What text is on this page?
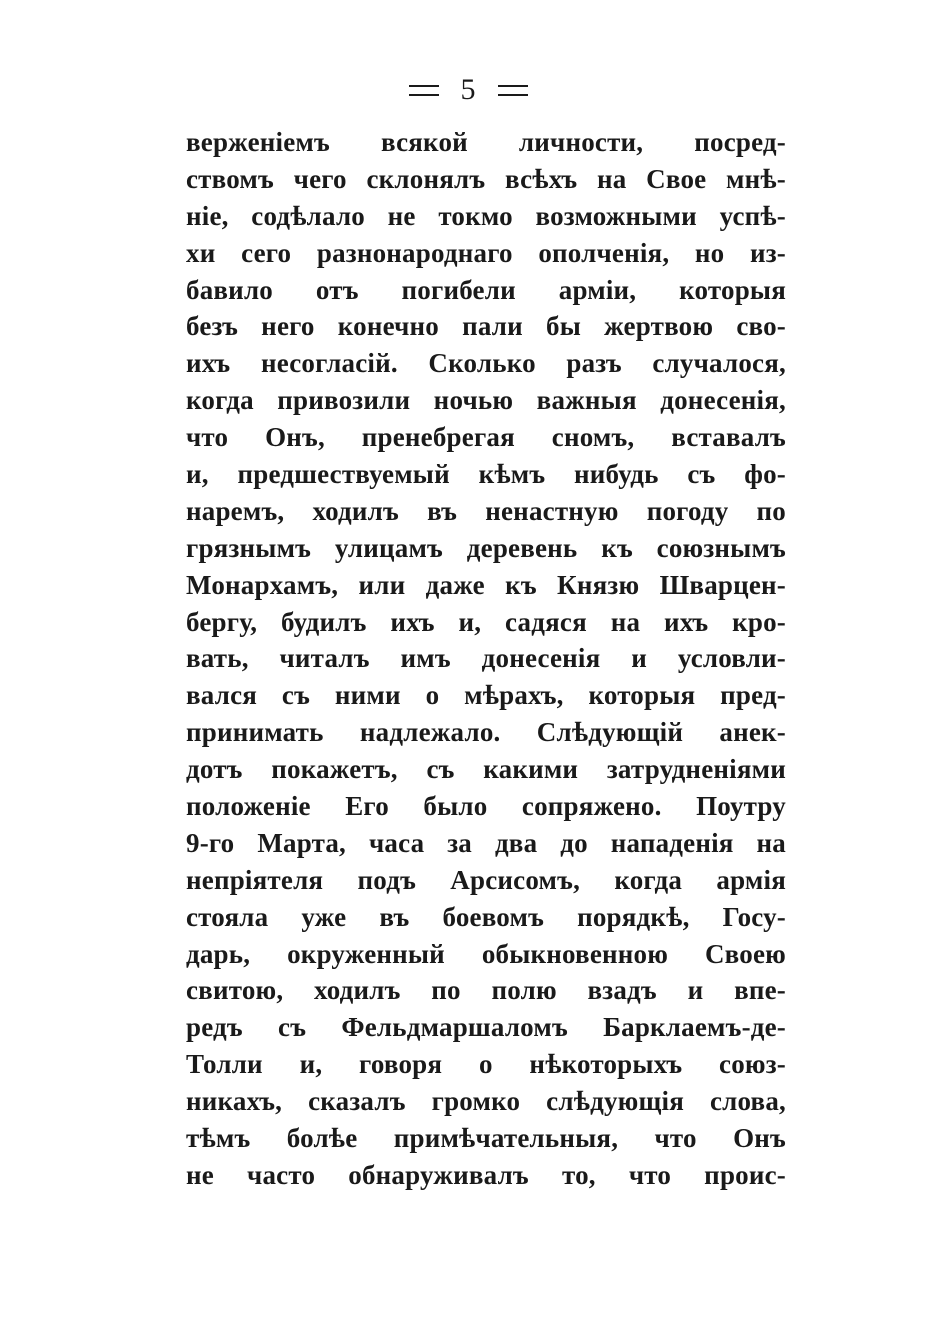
5
верженіемъ всякой личности, посред-
ствомъ чего склонялъ всѣхъ на Свое мнѣ-
ніе, содѣлало не токмо возможными успѣ-
хи сего разнонароднаго ополченія, но из-
бавило отъ погибели арміи, которыя
безъ него конечно пали бы жертвою сво-
ихъ несогласій. Сколько разъ случалося,
когда привозили ночью важныя донесенія,
что Онъ, пренебрегая сномъ, вставалъ
и, предшествуемый кѣмъ нибудь съ фо-
наремъ, ходилъ въ ненастную погоду по
грязнымъ улицамъ деревень къ союзнымъ
Монархамъ, или даже къ Князю Шварцен-
бергу, будилъ ихъ и, садяся на ихъ кро-
вать, читалъ имъ донесенія и условли-
вался съ ними о мѣрахъ, которыя пред-
принимать надлежало. Слѣдующій анек-
дотъ покажетъ, съ какими затрудненіями
положеніе Его было сопряжено. Поутру
9-го Марта, часа за два до нападенія на
непріятеля подъ Арсисомъ, когда армія
стояла уже въ боевомъ порядкѣ, Госу-
дарь, окруженный обыкновенною Своею
свитою, ходилъ по полю взадъ и впе-
редъ съ Фельдмаршаломъ Барклаемъ-де-
Толли и, говоря о нѣкоторыхъ союз-
никахъ, сказалъ громко слѣдующія слова,
тѣмъ болѣе примѣчательныя, что Онъ
не часто обнаруживалъ то, что проис-
